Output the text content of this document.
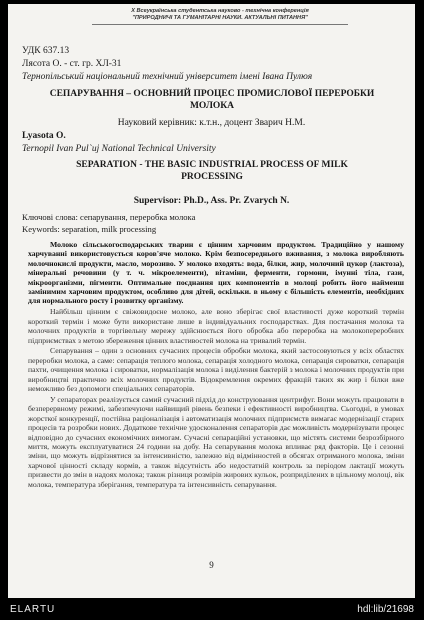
X Всеукраїнська студентська науково - технічна конференція
"ПРИРОДНИЧІ ТА ГУМАНІТАРНІ НАУКИ. АКТУАЛЬНІ ПИТАННЯ"
УДК 637.13
Лясота О. - ст. гр. ХЛ-31
Тернопільський національний технічний університет імені Івана Пулюя
СЕПАРУВАННЯ – ОСНОВНИЙ ПРОЦЕС ПРОМИСЛОВОЇ ПЕРЕРОБКИ
МОЛОКА
Науковий керівник: к.т.н., доцент Зварич Н.М.
Lyasota O.
Ternopil Ivan Pul`uj National Technical University
SEPARATION - THE BASIC INDUSTRIAL PROCESS OF MILK
PROCESSING
Supervisor: Ph.D., Ass. Pr. Zvarych N.
Ключові слова: сепарування, переробка молока
Keywords: separation, milk processing

Молоко сільськогосподарських тварин є цінним харчовим продуктом. Традиційно у нашому харчуванні використовується коров'яче молоко. Крім безпосереднього вживання, з молока виробляють молочнокислі продукти, масло, морозиво. У молоко входять: вода, білки, жир, молочний цукор (лактоза), мінеральні речовини (у т. ч. мікроелементи), вітаміни, ферменти, гормони, імунні тіла, гази, мікроорганізми, пігменти. Оптимальне поєднання цих компонентів в молоці робить його найменш замінимим харчовим продуктом, особливо для дітей, оскільки. в ньому є більшість елементів, необхідних для нормального росту і розвитку організму.

Найбільш цінним є свіжовидоєне молоко, але воно зберігає свої властивості дуже короткий термін короткий термін і може бути використане лише в індивідуальних господарствах. Для постачання молока та молочних продуктів в торгівельну мережу здійснюється його обробка або переробка на молокопереробних підприємствах з метою збереження цінних властивостей молока на тривалий термін.

Сепарування – один з основних сучасних процесів обробки молока, який застосовуються у всіх областях переробки молока, а саме: сепарація теплого молока, сепарація холодного молока, сепарація сироватки, сепарація пахти, очищення молока і сироватки, нормалізація молока і виділення бактерій з молока і молочних продуктів при виробництві практично всіх молочних продуктів. Відокремлення окремих фракцій таких як жир і білки вже неможливо без допомоги спеціальних сепараторів.

У сепараторах реалізується самий сучасний підхід до конструювання центрифуг. Вони можуть працювати в безперервному режимі, забезпечуючи найвищий рівень безпеки і ефективності виробництва. Сьогодні, в умовах жорсткої конкуренції, постійна раціоналізація і автоматизація молочних підприємств вимагає модернізації старих процесів та розробки нових. Додаткове технічне удосконалення сепараторів дає можливість модернізувати процес відповідно до сучасних економічних вимогам. Сучасні сепараційні установки, що містять системи безрозбірного миття, можуть експлуатуватися 24 години на добу. На сепарування молока впливає ряд факторів. Це і сезонні зміни, що можуть відрізнятися за інтенсивністю, залежно від відмінностей в обсягах отриманого молока, зміни харчової цінності складу кормів, а також відсутність або недостатній контроль за періодом лактації можуть призвести до змін в надоях молока; також різниця розмірів жирових кульок, розприділених в цільному молоці, вік молока, температура зберігання, температура та інтенсивність сепарування.

9
ELARTU	hdl:lib/21698
